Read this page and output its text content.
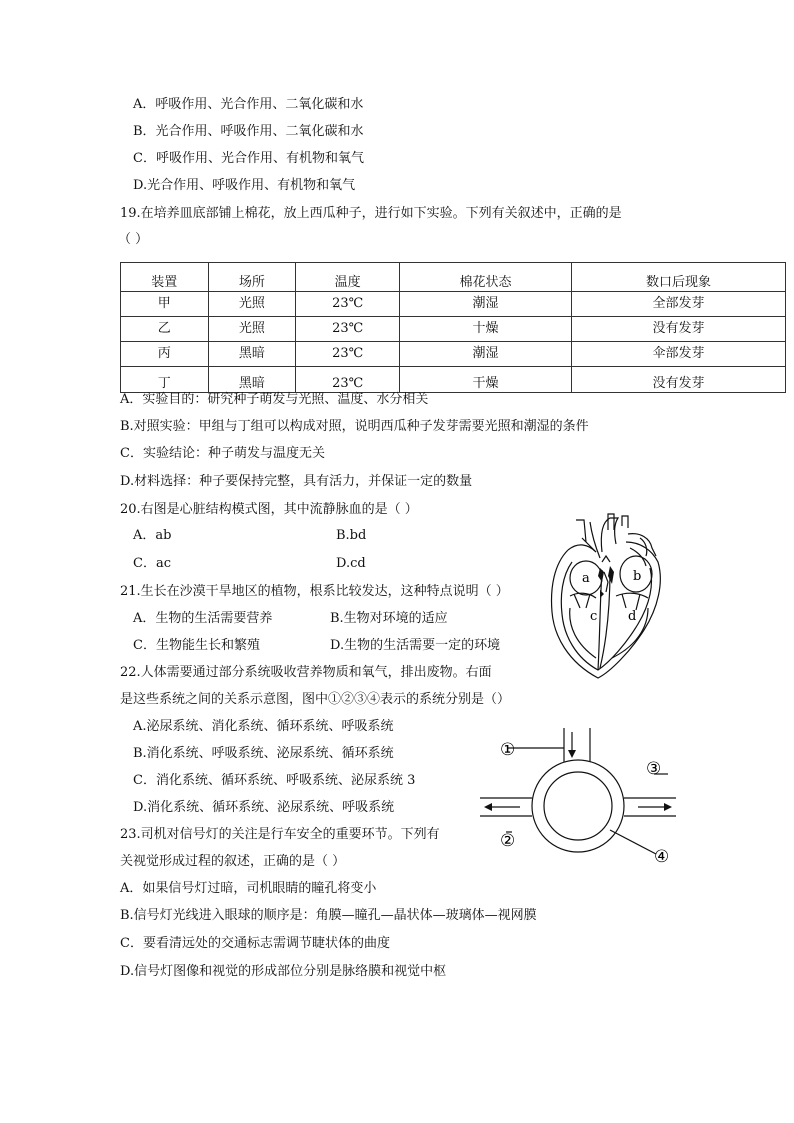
A．呼吸作用、光合作用、二氧化碳和水
B．光合作用、呼吸作用、二氧化碳和水
C．呼吸作用、光合作用、有机物和氧气
D.光合作用、呼吸作用、有机物和氧气
19.在培养皿底部铺上棉花，放上西瓜种子，进行如下实验。下列有关叙述中，正确的是
（ ）
装置	场所	温度	棉花状态	数口后现象
甲	光照	23℃	潮湿	全部发芽
乙	光照	23℃	十燥	没有发芽
丙	黑暗	23℃	潮湿	伞部发芽
丁	黑暗	23℃	干燥	没有发芽
A．实验目的：研究种子萌发与光照、温度、水分相关
B.对照实验：甲组与丁组可以构成对照，说明西瓜种子发芽需要光照和潮湿的条件
C．实验结论：种子萌发与温度无关
D.材料选择：种子要保持完整，具有活力，并保证一定的数量
20.右图是心脏结构模式图，其中流静脉血的是（ ）
A．ab	B.bd
C．ac	D.cd
a	b
c d
21.生长在沙漠干旱地区的植物，根系比较发达，这种特点说明（ ）
A．生物的生活需要营养	B.生物对环境的适应
C．生物能生长和繁殖	D.生物的生活需要一定的环境
22.人体需要通过部分系统吸收营养物质和氧气，排出废物。右面
是这些系统之间的关系示意图，图中①②③④表示的系统分别是（）
A.泌尿系统、消化系统、循环系统、呼吸系统
B.消化系统、呼吸系统、泌尿系统、循环系统
C．消化系统、循环系统、呼吸系统、泌尿系统 3
D.消化系统、循环系统、泌尿系统、呼吸系统
①
②
③
④
23.司机对信号灯的关注是行车安全的重要环节。下列有
关视觉形成过程的叙述，正确的是（ ）
A．如果信号灯过暗，司机眼睛的瞳孔将变小
B.信号灯光线进入眼球的顺序是：角膜—瞳孔—晶状体—玻璃体—视网膜
C．要看清远处的交通标志需调节睫状体的曲度
D.信号灯图像和视觉的形成部位分别是脉络膜和视觉中枢
